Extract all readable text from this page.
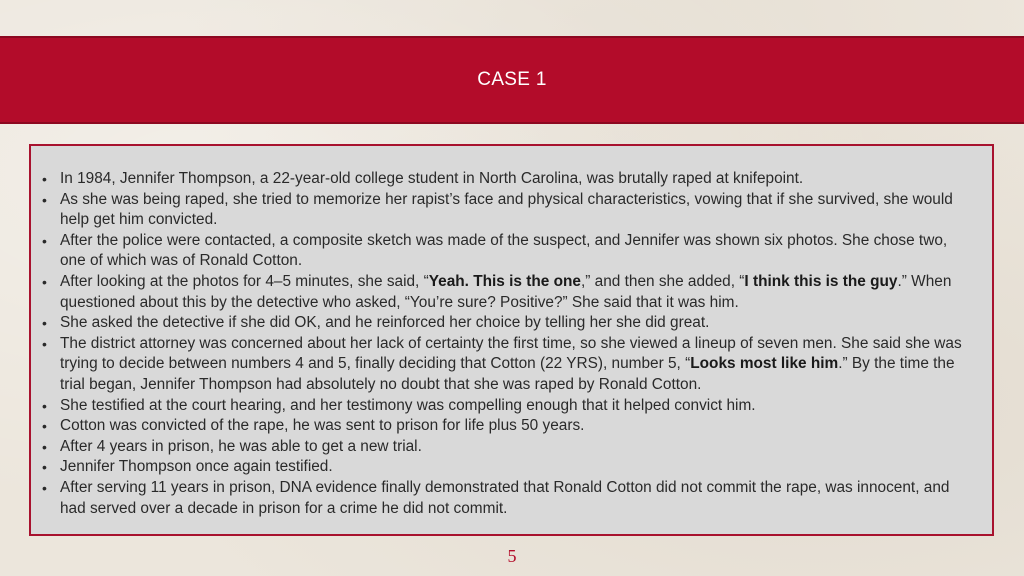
CASE 1
• In 1984, Jennifer Thompson, a 22-year-old college student in North Carolina, was brutally raped at knifepoint.
• As she was being raped, she tried to memorize her rapist’s face and physical characteristics, vowing that if she survived, she would help get him convicted.
• After the police were contacted, a composite sketch was made of the suspect, and Jennifer was shown six photos. She chose two, one of which was of Ronald Cotton.
• After looking at the photos for 4–5 minutes, she said, “Yeah. This is the one,” and then she added, “I think this is the guy.” When questioned about this by the detective who asked, “You’re sure? Positive?” She said that it was him.
• She asked the detective if she did OK, and he reinforced her choice by telling her she did great.
• The district attorney was concerned about her lack of certainty the first time, so she viewed a lineup of seven men. She said she was trying to decide between numbers 4 and 5, finally deciding that Cotton (22 YRS), number 5, “Looks most like him.” By the time the trial began, Jennifer Thompson had absolutely no doubt that she was raped by Ronald Cotton.
• She testified at the court hearing, and her testimony was compelling enough that it helped convict him.
• Cotton was convicted of the rape, he was sent to prison for life plus 50 years.
• After 4 years in prison, he was able to get a new trial.
• Jennifer Thompson once again testified.
• After serving 11 years in prison, DNA evidence finally demonstrated that Ronald Cotton did not commit the rape, was innocent, and had served over a decade in prison for a crime he did not commit.
5
